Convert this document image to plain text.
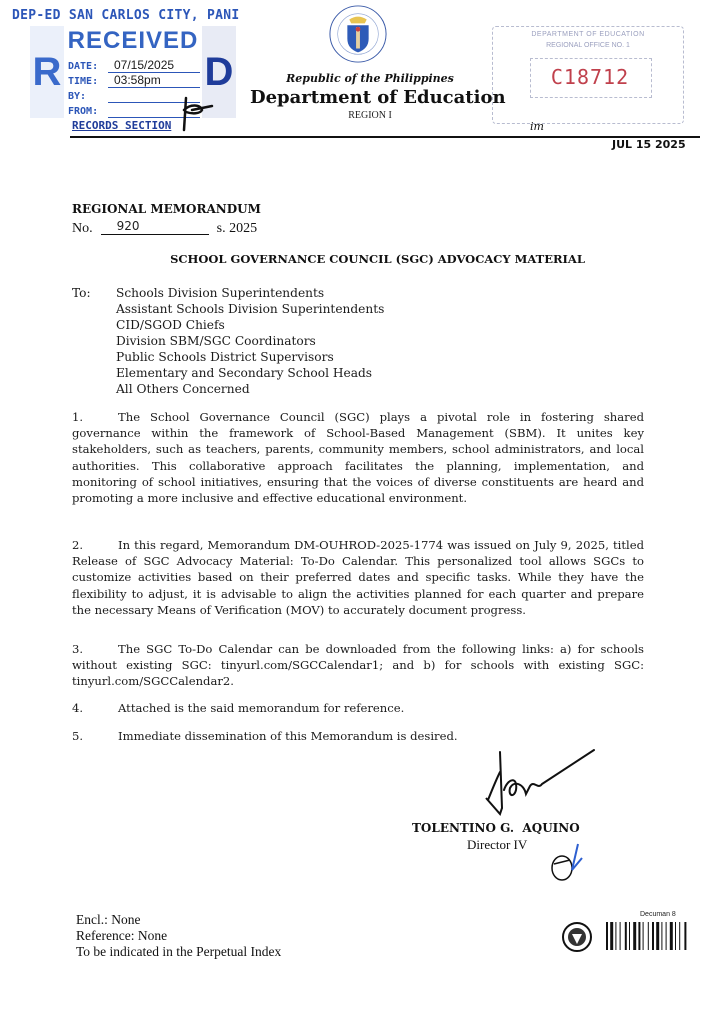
DEP-ED SAN CARLOS CITY, PANI
R
RECEIVED
D
DATE:	07/15/2025
TIME:	03:58pm
BY:
FROM:
RECORDS SECTION
Republic of the Philippines
Department of Education
REGION I
DEPARTMENT OF EDUCATION
REGIONAL OFFICE NO. 1
C18712
im
JUL 15 2025
REGIONAL MEMORANDUM
No. 920	s. 2025
SCHOOL GOVERNANCE COUNCIL (SGC) ADVOCACY MATERIAL
To:	Schools Division Superintendents
Assistant Schools Division Superintendents
CID/SGOD Chiefs
Division SBM/SGC Coordinators
Public Schools District Supervisors
Elementary and Secondary School Heads
All Others Concerned
1.	The School Governance Council (SGC) plays a pivotal role in fostering shared governance within the framework of School-Based Management (SBM). It unites key stakeholders, such as teachers, parents, community members, school administrators, and local authorities. This collaborative approach facilitates the planning, implementation, and monitoring of school initiatives, ensuring that the voices of diverse constituents are heard and promoting a more inclusive and effective educational environment.
2.	In this regard, Memorandum DM-OUHROD-2025-1774 was issued on July 9, 2025, titled Release of SGC Advocacy Material: To-Do Calendar. This personalized tool allows SGCs to customize activities based on their preferred dates and specific tasks. While they have the flexibility to adjust, it is advisable to align the activities planned for each quarter and prepare the necessary Means of Verification (MOV) to accurately document progress.
3.	The SGC To-Do Calendar can be downloaded from the following links: a) for schools without existing SGC: tinyurl.com/SGCCalendar1; and b) for schools with existing SGC: tinyurl.com/SGCCalendar2.
4.	Attached is the said memorandum for reference.
5.	Immediate dissemination of this Memorandum is desired.
TOLENTINO G.  AQUINO
Director IV
Encl.: None
Reference: None
To be indicated in the Perpetual Index
Decuman 8
